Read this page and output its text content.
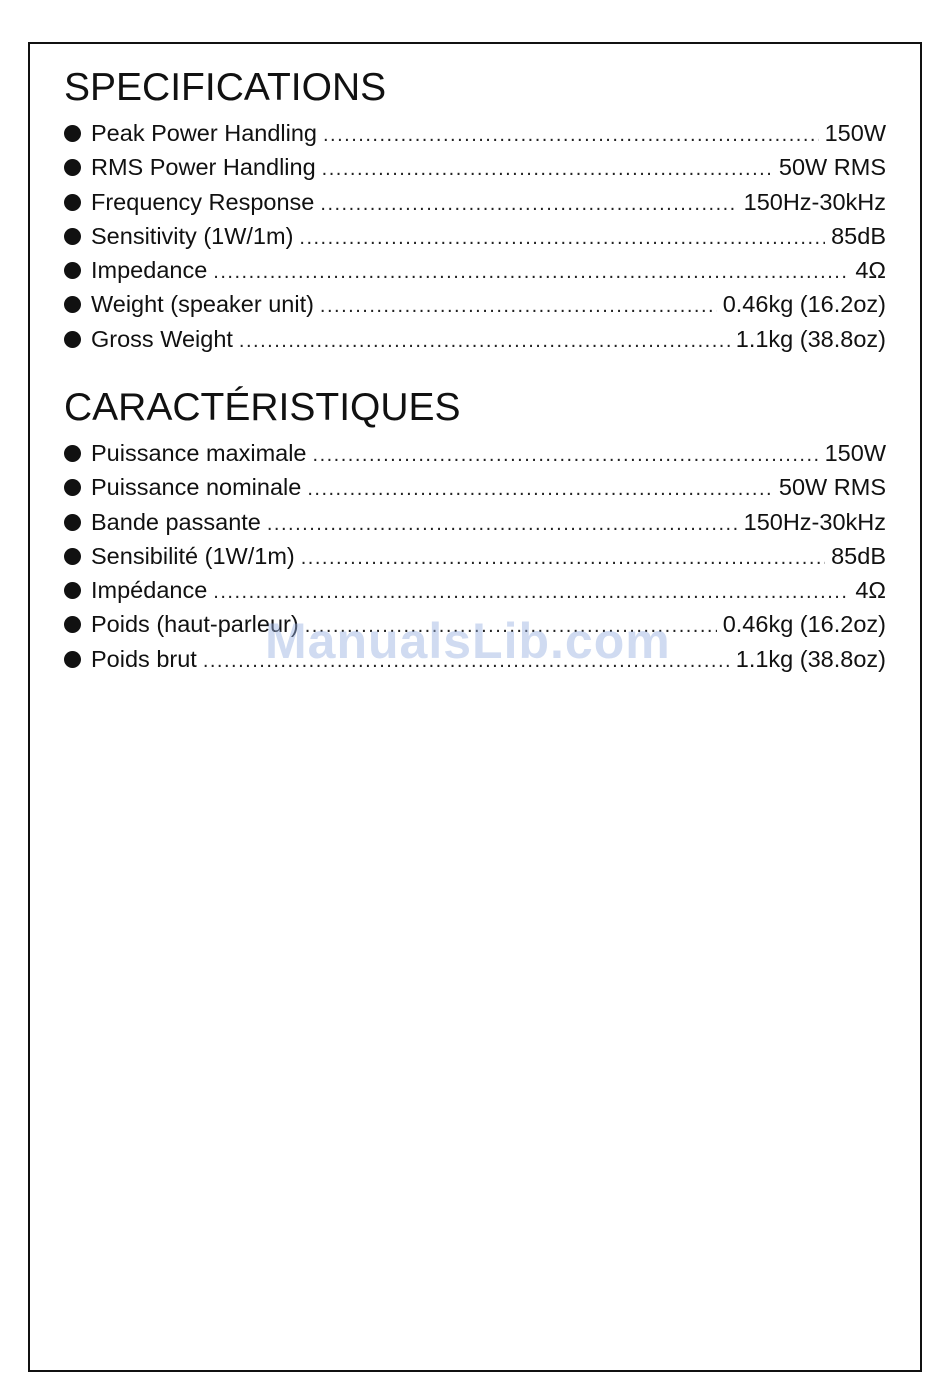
SPECIFICATIONS
Peak Power Handling .....	150W
RMS Power Handling .....	50W RMS
Frequency Response .....	150Hz-30kHz
Sensitivity (1W/1m) .....	85dB
Impedance .....	4Ω
Weight (speaker unit) .....	0.46kg (16.2oz)
Gross Weight .....	1.1kg (38.8oz)
CARACTÉRISTIQUES
Puissance maximale .....	150W
Puissance nominale .....	50W RMS
Bande passante .....	150Hz-30kHz
Sensibilité (1W/1m) .....	85dB
Impédance .....	4Ω
Poids (haut-parleur) .....	0.46kg (16.2oz)
Poids brut .....	1.1kg (38.8oz)
ManualsLib.com
